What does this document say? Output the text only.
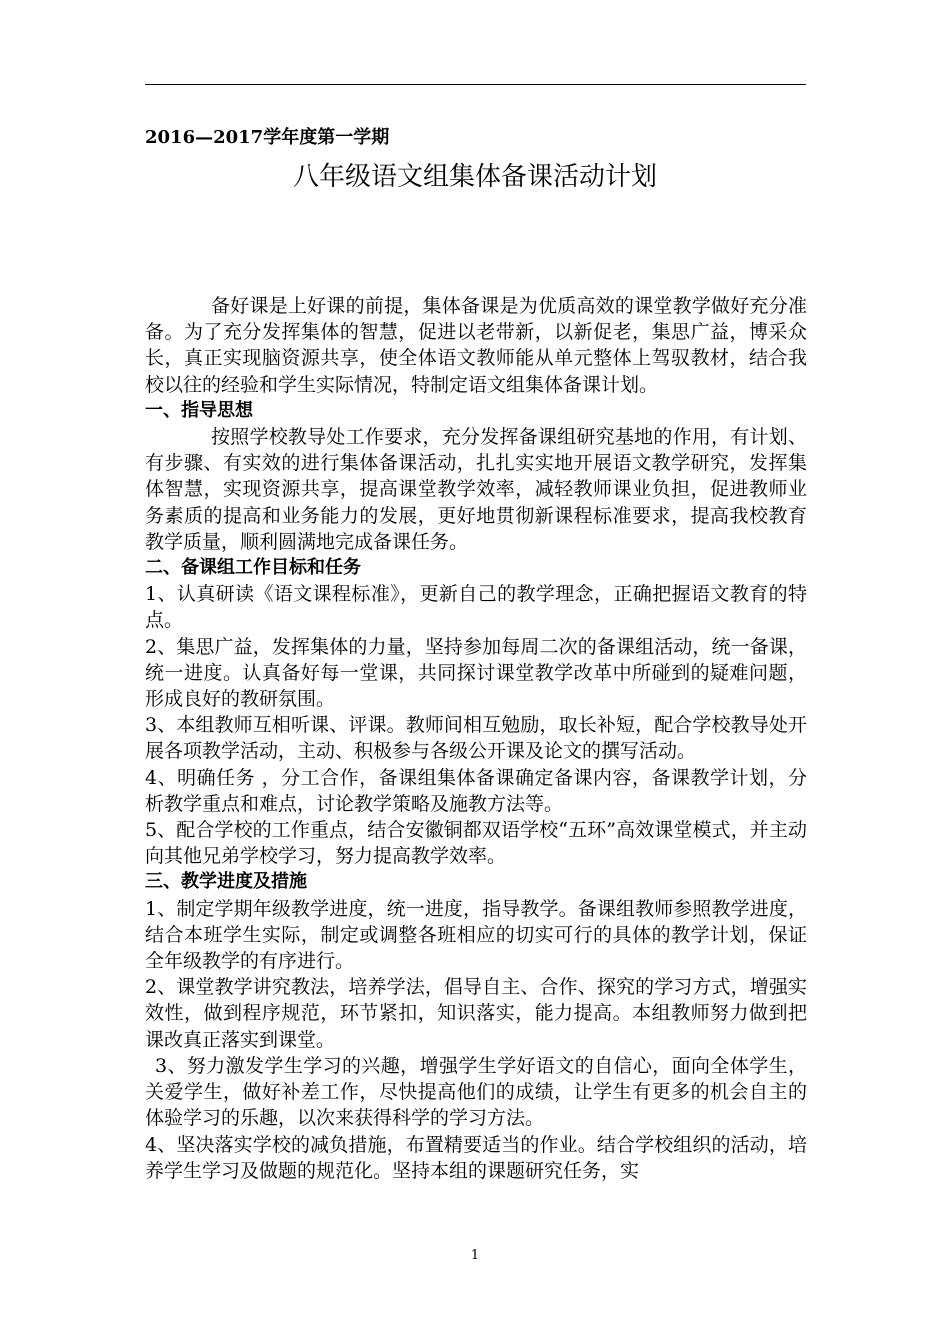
2016—2017学年度第一学期
八年级语文组集体备课活动计划

备好课是上好课的前提，集体备课是为优质高效的课堂教学做好充分准备。为了充分发挥集体的智慧，促进以老带新，以新促老，集思广益，博采众长，真正实现脑资源共享，使全体语文教师能从单元整体上驾驭教材，结合我校以往的经验和学生实际情况，特制定语文组集体备课计划。

一、指导思想

按照学校教导处工作要求，充分发挥备课组研究基地的作用，有计划、有步骤、有实效的进行集体备课活动，扎扎实实地开展语文教学研究，发挥集体智慧，实现资源共享，提高课堂教学效率，减轻教师课业负担，促进教师业务素质的提高和业务能力的发展，更好地贯彻新课程标准要求，提高我校教育教学质量，顺利圆满地完成备课任务。

二、备课组工作目标和任务

1、认真研读《语文课程标准》，更新自己的教学理念，正确把握语文教育的特点。

2、集思广益，发挥集体的力量，坚持参加每周二次的备课组活动，统一备课，统一进度。认真备好每一堂课，共同探讨课堂教学改革中所碰到的疑难问题，形成良好的教研氛围。

3、本组教师互相听课、评课。教师间相互勉励，取长补短，配合学校教导处开展各项教学活动，主动、积极参与各级公开课及论文的撰写活动。

4、明确任务 ，分工合作，备课组集体备课确定备课内容，备课教学计划，分析教学重点和难点，讨论教学策略及施教方法等。

5、配合学校的工作重点，结合安徽铜都双语学校“五环”高效课堂模式，并主动向其他兄弟学校学习，努力提高教学效率。

三、教学进度及措施

1、制定学期年级教学进度，统一进度，指导教学。备课组教师参照教学进度，结合本班学生实际，制定或调整各班相应的切实可行的具体的教学计划，保证全年级教学的有序进行。

2、课堂教学讲究教法，培养学法，倡导自主、合作、探究的学习方式，增强实效性，做到程序规范，环节紧扣，知识落实，能力提高。本组教师努力做到把课改真正落实到课堂。

3、努力激发学生学习的兴趣，增强学生学好语文的自信心，面向全体学生，关爱学生，做好补差工作，尽快提高他们的成绩，让学生有更多的机会自主的体验学习的乐趣，以次来获得科学的学习方法。

4、坚决落实学校的减负措施，布置精要适当的作业。结合学校组织的活动，培养学生学习及做题的规范化。坚持本组的课题研究任务，实

1
